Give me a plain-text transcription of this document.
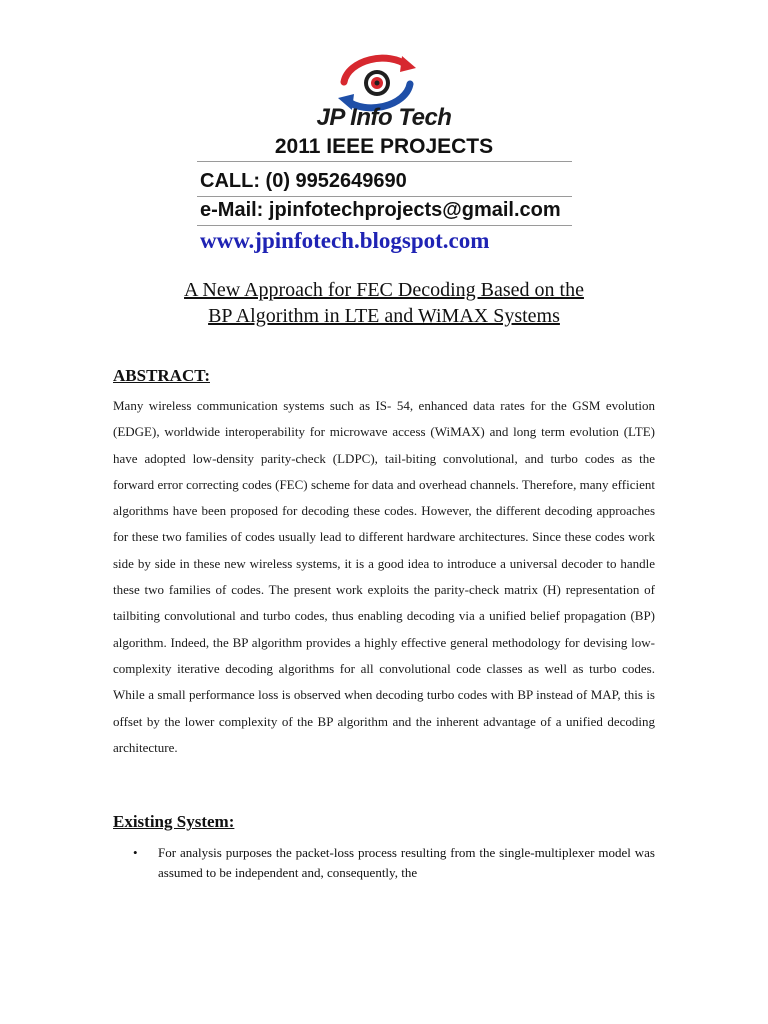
JP Info Tech
2011 IEEE PROJECTS
CALL: (0) 9952649690
e-Mail: jpinfotechprojects@gmail.com
www.jpinfotech.blogspot.com
A New Approach for FEC Decoding Based on the
BP Algorithm in LTE and WiMAX Systems
ABSTRACT:

Many wireless communication systems such as IS- 54, enhanced data rates for the GSM evolution (EDGE), worldwide interoperability for microwave access (WiMAX) and long term evolution (LTE) have adopted low-density parity-check (LDPC), tail-biting convolutional, and turbo codes as the forward error correcting codes (FEC) scheme for data and overhead channels. Therefore, many efficient algorithms have been proposed for decoding these codes. However, the different decoding approaches for these two families of codes usually lead to different hardware architectures. Since these codes work side by side in these new wireless systems, it is a good idea to introduce a universal decoder to handle these two families of codes. The present work exploits the parity-check matrix (H) representation of tailbiting convolutional and turbo codes, thus enabling decoding via a unified belief propagation (BP) algorithm. Indeed, the BP algorithm provides a highly effective general methodology for devising low-complexity iterative decoding algorithms for all convolutional code classes as well as turbo codes. While a small performance loss is observed when decoding turbo codes with BP instead of MAP, this is offset by the lower complexity of the BP algorithm and the inherent advantage of a unified decoding architecture.

Existing System:
• For analysis purposes the packet-loss process resulting from the single-multiplexer model was assumed to be independent and, consequently, the
